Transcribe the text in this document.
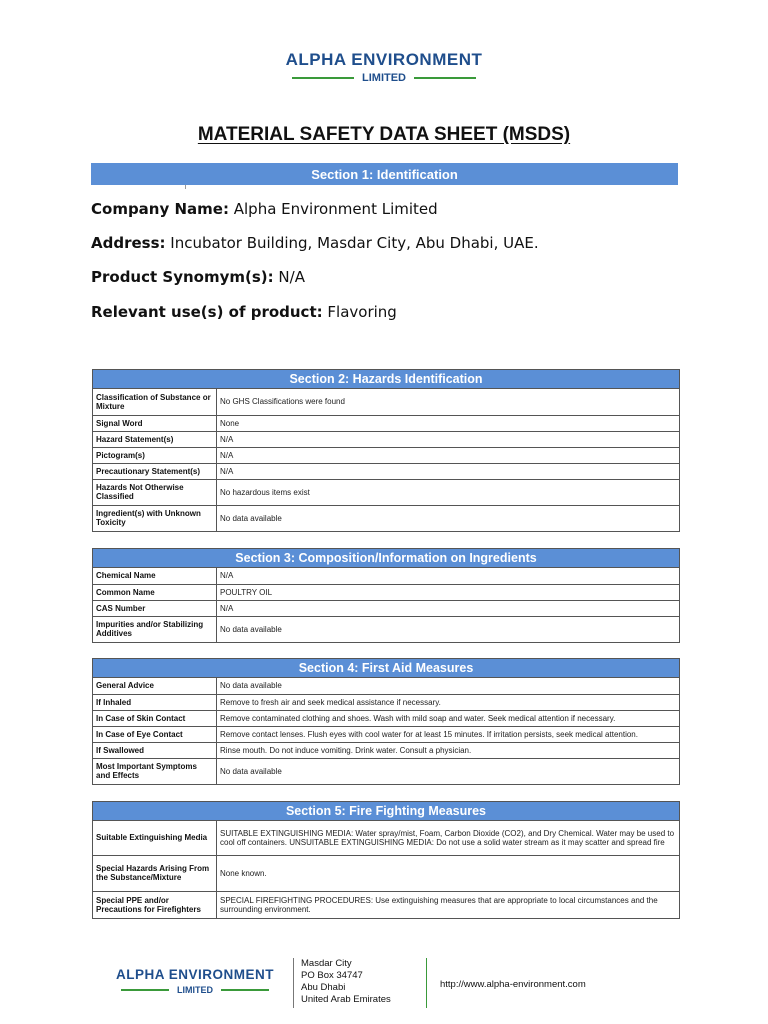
ALPHA ENVIRONMENT
LIMITED
MATERIAL SAFETY DATA SHEET (MSDS)
Section 1: Identification
Company Name: Alpha Environment Limited
Address: Incubator Building, Masdar City, Abu Dhabi, UAE.
Product Synomym(s): N/A
Relevant use(s) of product: Flavoring
Section 2: Hazards Identification
Classification of Substance or Mixture	No GHS Classifications were found
Signal Word	None
Hazard Statement(s)	N/A
Pictogram(s)	N/A
Precautionary Statement(s)	N/A
Hazards Not Otherwise Classified	No hazardous items exist
Ingredient(s) with Unknown Toxicity	No data available
Section 3: Composition/Information on Ingredients
Chemical Name	N/A
Common Name	POULTRY OIL
CAS Number	N/A
Impurities and/or Stabilizing Additives	No data available
Section 4: First Aid Measures
General Advice	No data available
If Inhaled	Remove to fresh air and seek medical assistance if necessary.
In Case of Skin Contact	Remove contaminated clothing and shoes. Wash with mild soap and water. Seek medical attention if necessary.
In Case of Eye Contact	Remove contact lenses. Flush eyes with cool water for at least 15 minutes. If irritation persists, seek medical attention.
If Swallowed	Rinse mouth. Do not induce vomiting. Drink water. Consult a physician.
Most Important Symptoms and Effects	No data available
Section 5: Fire Fighting Measures
Suitable Extinguishing Media	SUITABLE EXTINGUISHING MEDIA: Water spray/mist, Foam, Carbon Dioxide (CO2), and Dry Chemical. Water may be used to cool off containers. UNSUITABLE EXTINGUISHING MEDIA: Do not use a solid water stream as it may scatter and spread fire
Special Hazards Arising From the Substance/Mixture	None known.
Special PPE and/or Precautions for Firefighters	SPECIAL FIREFIGHTING PROCEDURES: Use extinguishing measures that are appropriate to local circumstances and the surrounding environment.
ALPHA ENVIRONMENT
LIMITED
Masdar City
PO Box 34747
Abu Dhabi
United Arab Emirates
http://www.alpha-environment.com
